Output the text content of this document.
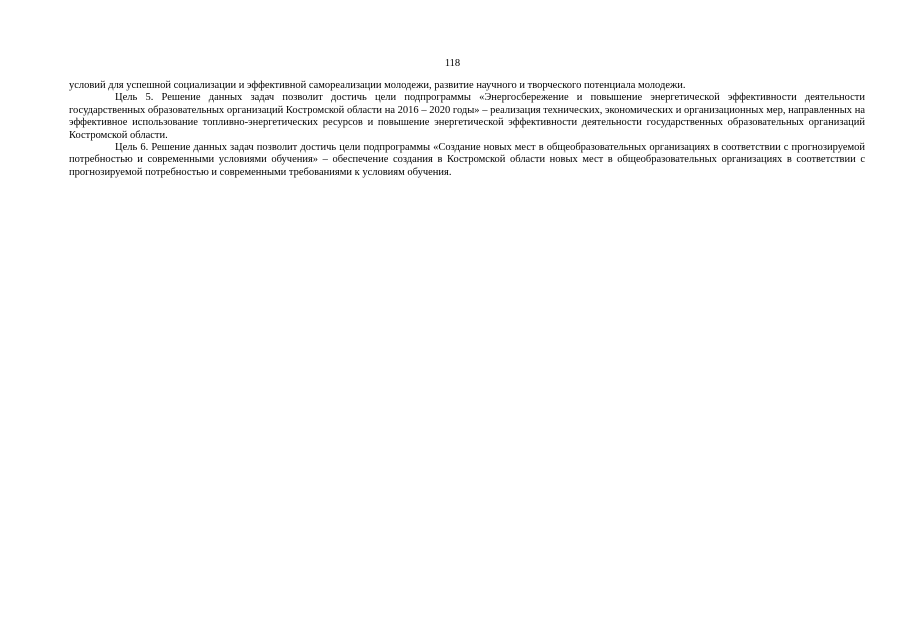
118

условий для успешной социализации и эффективной самореализации молодежи, развитие научного и творческого потенциала молодежи.

Цель 5. Решение данных задач позволит достичь цели подпрограммы «Энергосбережение и повышение энергетической эффективности деятельности государственных образовательных организаций Костромской области на 2016 – 2020 годы» – реализация технических, экономических и организационных мер, направленных на эффективное использование топливно-энергетических ресурсов и повышение энергетической эффективности деятельности государственных образовательных организаций Костромской области.

Цель 6. Решение данных задач позволит достичь цели подпрограммы «Создание новых мест в общеобразовательных организациях в соответствии с прогнозируемой потребностью и современными условиями обучения» – обеспечение создания в Костромской области новых мест в общеобразовательных организациях в соответствии с прогнозируемой потребностью и современными требованиями к условиям обучения.
